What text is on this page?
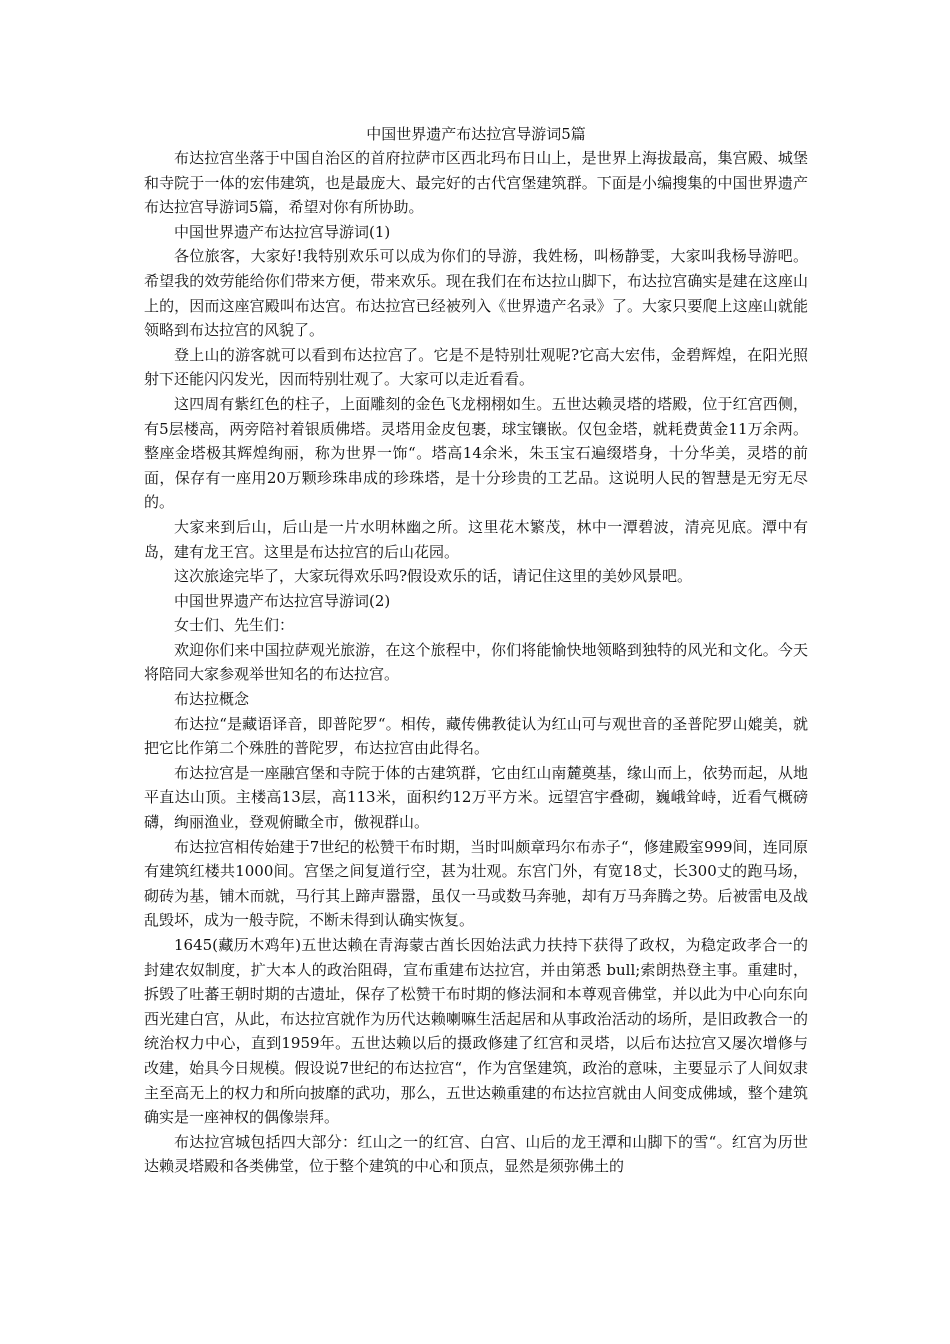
中国世界遗产布达拉宫导游词5篇

布达拉宫坐落于中国自治区的首府拉萨市区西北玛布日山上，是世界上海拔最高，集宫殿、城堡和寺院于一体的宏伟建筑，也是最庞大、最完好的古代宫堡建筑群。下面是小编搜集的中国世界遗产布达拉宫导游词5篇，希望对你有所协助。

中国世界遗产布达拉宫导游词(1)

各位旅客，大家好!我特别欢乐可以成为你们的导游，我姓杨，叫杨静雯，大家叫我杨导游吧。希望我的效劳能给你们带来方便，带来欢乐。现在我们在布达拉山脚下，布达拉宫确实是建在这座山上的，因而这座宫殿叫布达宫。布达拉宫已经被列入《世界遗产名录》了。大家只要爬上这座山就能领略到布达拉宫的风貌了。

登上山的游客就可以看到布达拉宫了。它是不是特别壮观呢?它高大宏伟，金碧辉煌，在阳光照射下还能闪闪发光，因而特别壮观了。大家可以走近看看。

这四周有紫红色的柱子，上面雕刻的金色飞龙栩栩如生。五世达赖灵塔的塔殿，位于红宫西侧，有5层楼高，两旁陪衬着银质佛塔。灵塔用金皮包裹，球宝镶嵌。仅包金塔，就耗费黄金11万余两。整座金塔极其辉煌绚丽，称为世界一饰“。塔高14余米，朱玉宝石遍缀塔身，十分华美，灵塔的前面，保存有一座用20万颗珍珠串成的珍珠塔，是十分珍贵的工艺品。这说明人民的智慧是无穷无尽的。

大家来到后山，后山是一片水明林幽之所。这里花木繁茂，林中一潭碧波，清亮见底。潭中有岛，建有龙王宫。这里是布达拉宫的后山花园。

这次旅途完毕了，大家玩得欢乐吗?假设欢乐的话，请记住这里的美妙风景吧。

中国世界遗产布达拉宫导游词(2)

女士们、先生们：

欢迎你们来中国拉萨观光旅游，在这个旅程中，你们将能愉快地领略到独特的风光和文化。今天将陪同大家参观举世知名的布达拉宫。

布达拉概念

布达拉“是藏语译音，即普陀罗“。相传，藏传佛教徒认为红山可与观世音的圣普陀罗山媲美，就把它比作第二个殊胜的普陀罗，布达拉宫由此得名。

布达拉宫是一座融宫堡和寺院于体的古建筑群，它由红山南麓奠基，缘山而上，依势而起，从地平直达山顶。主楼高13层，高113米，面积约12万平方米。远望宫宇叠砌，巍峨耸峙，近看气概磅礴，绚丽渔业，登观俯瞰全市，傲视群山。

布达拉宫相传始建于7世纪的松赞干布时期，当时叫颇章玛尔布赤子“，修建殿室999间，连同原有建筑红楼共1000间。宫堡之间复道行空，甚为壮观。东宫门外，有宽18丈，长300丈的跑马场，砌砖为基，铺木而就，马行其上蹄声嚣嚣，虽仅一马或数马奔驰，却有万马奔腾之势。后被雷电及战乱毁坏，成为一般寺院，不断未得到认确实恢复。

1645(藏历木鸡年)五世达赖在青海蒙古酋长因始法武力扶持下获得了政权，为稳定政孝合一的封建农奴制度，扩大本人的政治阻碍，宣布重建布达拉宫，并由第悉 bull;索朗热登主事。重建时，拆毁了吐蕃王朝时期的古遗址，保存了松赞干布时期的修法洞和本尊观音佛堂，并以此为中心向东向西光建白宫，从此，布达拉宫就作为历代达赖喇嘛生活起居和从事政治活动的场所，是旧政教合一的统治权力中心，直到1959年。五世达赖以后的摄政修建了红宫和灵塔，以后布达拉宫又屡次增修与改建，始具今日规模。假设说7世纪的布达拉宫“，作为宫堡建筑，政治的意味，主要显示了人间奴隶主至高无上的权力和所向披靡的武功，那么，五世达赖重建的布达拉宫就由人间变成佛域，整个建筑确实是一座神权的偶像崇拜。

布达拉宫城包括四大部分：红山之一的红宫、白宫、山后的龙王潭和山脚下的雪“。红宫为历世达赖灵塔殿和各类佛堂，位于整个建筑的中心和顶点，显然是须弥佛土的
